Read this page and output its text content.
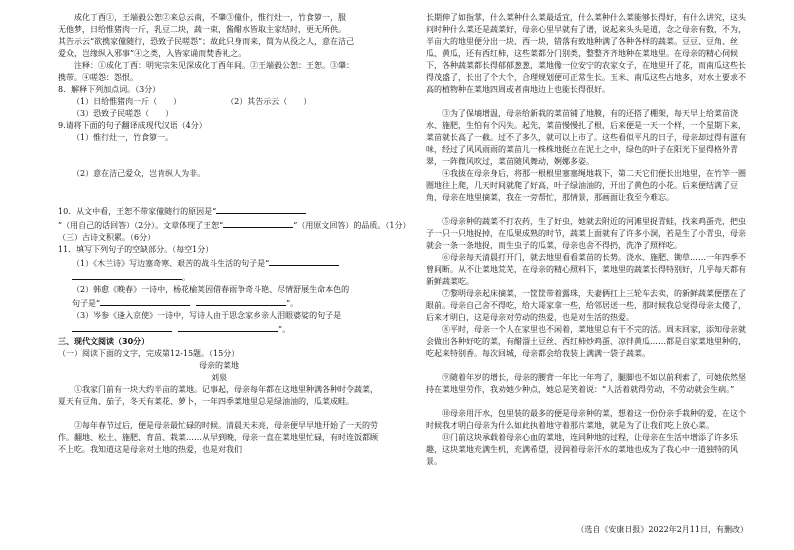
成化丁酉①，王端毅公恕②来总云南，不肇③僮仆，惟行灶一，竹食箩一，服

无他梦，日给惟猪肉一斤，乳豆二块，蔬一束，酱醋水皆取主家结时，更无所供。

其告示云“欲携家僮随行，恐致子民嗟怨”；故此只身而来，简为从役之人，意在洁己

爱众，岂缘纵入邪事”④之类，入皆家诵而焚香礼之。

注释：①成化丁酉：明宪宗朱见深成化丁酉年间。②王端毅公恕：王恕。③肇：

携带。④嗟怨：怨恨。

8．解释下列加点词。（3分）

（1）日给惟猪肉一斤（　　）	（2）其告示云（　　）

（3）恐致子民嗟怨（　　）

9.请将下面的句子翻译成现代汉语（4分）

（1）惟行灶一，竹食箩一。

（2）意在洁己爱众，岂肯纵人为非。

10．从文中看，王恕不带家僮随行的原因是“
”（用自己的话回答）（2分）。文章体现了王恕“	”（用原文回答）的品质。（1分）

（三）古诗文积累。（6分）

11．填写下列句子的空缺部分。（每空1分）

（1）《木兰诗》写边塞奇寒、艰苦的战斗生活的句子是“
。

（2）韩愈《晚春》一诗中，杨花榆荚因借春雨争奇斗艳、尽情舒展生命本色的

句子是“	”。

（3）岑参《逢入京使》一诗中，写诗人由于思念家乡亲人泪眼婆娑的句子是

”。

三、现代文阅读（30分）

（一）阅读下面的文字，完成第12-15题。（15分）

母亲的菜地

刘泉

①我家门前有一块大约半亩的菜地。记事起，母亲每年都在这地里种满各种时令蔬菜，夏天有豆角、茄子，冬天有菜花、萝卜，一年四季菜地里总是绿油油的，瓜菜成畦。

②每年春节过后，便是母亲最忙碌的时候。清晨天未亮，母亲便早早地开始了一天的劳作。翻地、松土、施肥、育苗、栽菜……从早到晚，母亲一直在菜地里忙碌，有时连饭都顾不上吃。我知道这是母亲对土地的热爱，也是对我们

长期伸了如指掌，什么菜种什么菜最适宜，什么菜种什么菜能够长得好，有什么讲究，这头问时种什么菜还是蔬菜好，母亲心里早就有了谱，说起来头头是道，念之母亲有数，不为，半亩大的地里便分出一块、西一块，错落有致地种满了各种各样的蔬菜。豆豆、豆角、丝瓜、黄瓜，还有西红柿，这些菜都分门别类，整整齐齐地种在菜地里。在母亲的精心伺候下，各种蔬菜都长得郁郁葱葱，菜地像一位安宁的农家女子，在地里开了花，而南瓜这些长得茂盛了，长出了个大个，合理规划便可正常生长。玉米、南瓜这些占地多，对水土要求不高的植物种在菜地四周或者南地边上也能长得很好。

③为了保墒增温，母亲给新栽的菜苗铺了地膜，有的还搭了棚架，每天早上给菜苗浇水、施肥，生怕有个闪失。起先，菜苗慢慢扎了根，后来便是一天一个样，一个星期下来，菜苗就长高了一截。过不了多久，就可以上市了。这些看似平凡的日子，母亲却过得有滋有味，经过了风风雨雨的菜苗儿一株株地挺立在泥土之中，绿色的叶子在阳光下显得格外青翠，一阵微风吹过，菜苗随风舞动，婀娜多姿。

④我拔在母亲身后，将那一根根里塞塞绳地栽下，第二天它们便长出地里，在竹竿一圈圈地往上爬，几天时间就爬了好高，叶子绿油油的，开出了黄色的小花。后来便结满了豆角，母亲在地里摘菜，我在一旁帮忙，那情景，那画面让我至今难忘。

⑤母亲种的蔬菜不打农药，生了好虫，她就去附近的河滩里捉青蛙，找来鸡蛋壳，把虫子一只一只地捉掉，在瓜果成熟的时节，蔬菜上面就有了许多小洞，若是生了小青虫，母亲就会一条一条地捉，而生虫子的瓜菜，母亲也舍不得扔，洗净了照样吃。

⑥母亲每天清晨打开门，就去地里看看菜苗的长势。浇水、施肥、锄草……一年四季不曾间断。从不让菜地荒芜，在母亲的精心照料下，菜地里的蔬菜长得特别好，几乎每天都有新鲜蔬菜吃。

⑦黎明母亲起床摘菜，一筐筐带着露珠，夫妻俩扛上三轮车去卖，的新鲜蔬菜便摆在了眼前。母亲自己舍不得吃，给大哥家拿一些，给邻居送一些，那时候我总觉得母亲太傻了，后来才明白，这是母亲对劳动的热爱，也是对生活的热爱。

⑧平时，母亲一个人在家里也不闲着，菜地里总有干不完的活。周末回家，添知母亲就会做出各种好吃的菜，有醋溜土豆丝、西红柿炒鸡蛋、凉拌黄瓜……都是自家菜地里种的，吃起来特别香。每次回城，母亲都会给我装上满满一袋子蔬菜。

⑨随着年岁的增长，母亲的腰背一年比一年弯了，腿脚也不如以前利索了，可她依然坚持在菜地里劳作，我劝她少种点，她总是笑着说：“人活着就得劳动，不劳动就会生病。”

⑩母亲用汗水，包里装的最多的便是母亲种的菜，想着这一份份亲手栽种的爱，在这个时候我才明白母亲为什么如此执着地守着那片菜地，就是为了让我们吃上放心菜。

⑪门前这块承载着母亲心血的菜地，连同种地的过程，让母亲在生活中增添了许多乐趣，这块菜地充满生机，充满希望，浸润着母亲汗水的菜地也成为了我心中一道独特的风景。

（选自《安康日报》2022年2月11日，有删改）
